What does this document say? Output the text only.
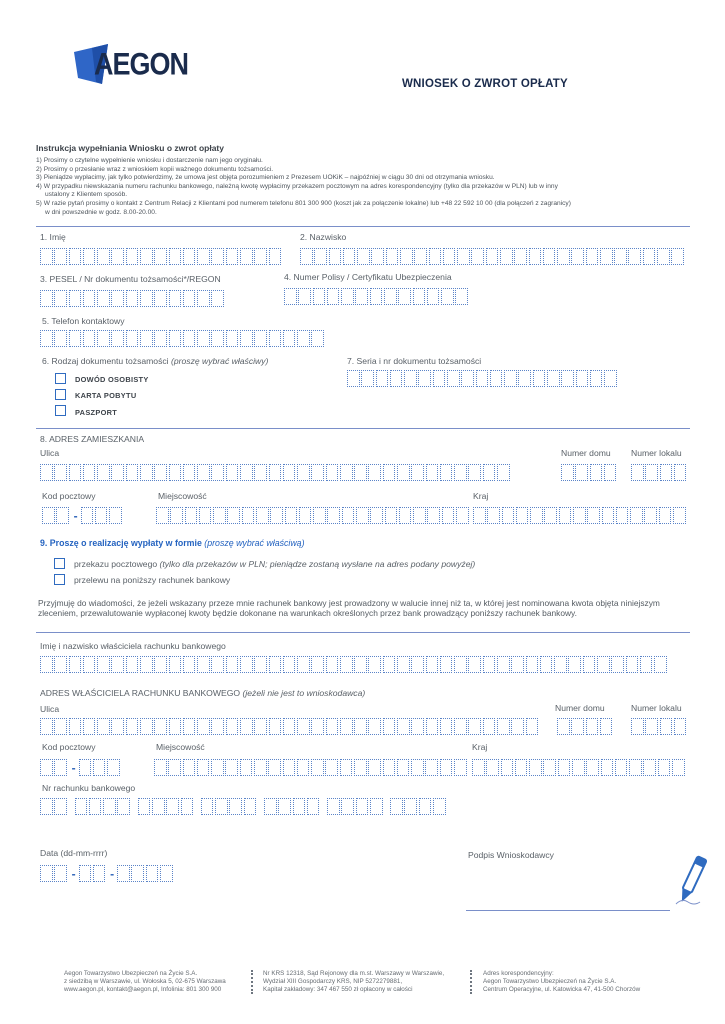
AEGON
WNIOSEK O ZWROT OPŁATY
Instrukcja wypełniania Wniosku o zwrot opłaty
1) Prosimy o czytelne wypełnienie wniosku i dostarczenie nam jego oryginału.
2) Prosimy o przesłanie wraz z wnioskiem kopii ważnego dokumentu tożsamości.
3) Pieniądze wypłacimy, jak tylko potwierdzimy, że umowa jest objęta porozumieniem z Prezesem UOKiK – najpóźniej w ciągu 30 dni od otrzymania wniosku.
4) W przypadku niewskazania numeru rachunku bankowego, należną kwotę wypłacimy przekazem pocztowym na adres korespondencyjny (tylko dla przekazów w PLN) lub w inny
ustalony z Klientem sposób.
5) W razie pytań prosimy o kontakt z Centrum Relacji z Klientami pod numerem telefonu 801 300 900 (koszt jak za połączenie lokalne) lub +48 22 592 10 00 (dla połączeń z zagranicy)
w dni powszednie w godz. 8.00-20.00.
1. Imię	2. Nazwisko
3. PESEL / Nr dokumentu tożsamości*/REGON	4. Numer Polisy / Certyfikatu Ubezpieczenia
5. Telefon kontaktowy
6. Rodzaj dokumentu tożsamości (proszę wybrać właściwy)	7. Seria i nr dokumentu tożsamości
DOWÓD OSOBISTY
KARTA POBYTU
PASZPORT
8. ADRES ZAMIESZKANIA
Ulica	Numer domu Numer lokalu
Kod pocztowy	Miejscowość	Kraj
-
9. Proszę o realizację wypłaty w formie (proszę wybrać właściwą)
przekazu pocztowego (tylko dla przekazów w PLN; pieniądze zostaną wysłane na adres podany powyżej)
przelewu na poniższy rachunek bankowy
Przyjmuję do wiadomości, że jeżeli wskazany przeze mnie rachunek bankowy jest prowadzony w walucie innej niż ta, w której jest nominowana kwota objęta niniejszym zleceniem, przewalutowanie wypłaconej kwoty będzie dokonane na warunkach określonych przez bank prowadzący poniższy rachunek bankowy.
Imię i nazwisko właściciela rachunku bankowego
ADRES WŁAŚCICIELA RACHUNKU BANKOWEGO (jeżeli nie jest to wnioskodawca)
Ulica	Numer domu	Numer lokalu
Kod pocztowy	Miejscowość	Kraj
-
Nr rachunku bankowego
Data (dd-mm-rrrr)
-	-
Podpis Wnioskodawcy
Aegon Towarzystwo Ubezpieczeń na Życie S.A.
z siedzibą w Warszawie, ul. Wołoska 5, 02-675 Warszawa
www.aegon.pl, kontakt@aegon.pl, Infolinia: 801 300 900
Nr KRS 12318, Sąd Rejonowy dla m.st. Warszawy w Warszawie,
Wydział XIII Gospodarczy KRS, NIP 5272279881,
Kapitał zakładowy: 347 467 550 zł opłacony w całości
Adres korespondencyjny:
Aegon Towarzystwo Ubezpieczeń na Życie S.A.
Centrum Operacyjne, ul. Katowicka 47, 41-500 Chorzów
